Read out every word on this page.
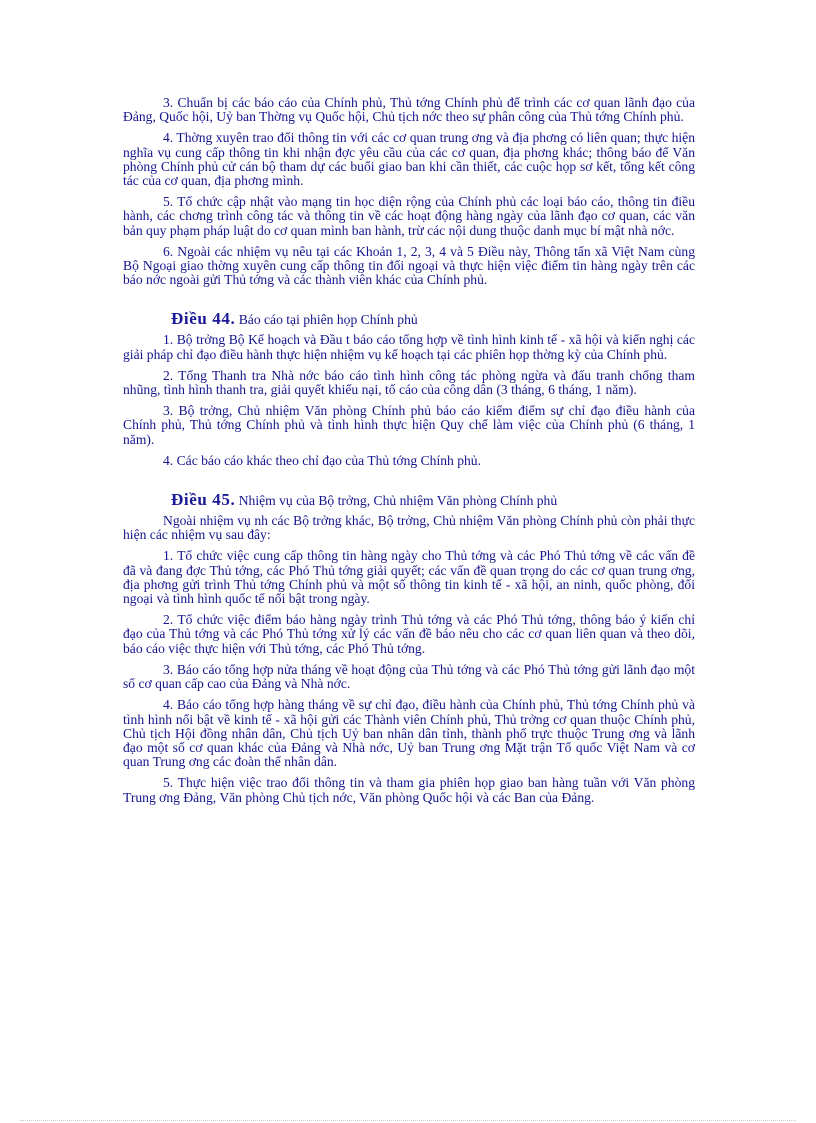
3. Chuẩn bị các báo cáo của Chính phủ, Thủ tớng Chính phủ để trình các cơ quan lãnh đạo của Đảng, Quốc hội, Uỷ ban Thờng vụ Quốc hội, Chủ tịch nớc theo sự phân công của Thủ tớng Chính phủ.

4. Thờng xuyên trao đổi thông tin với các cơ quan trung ơng và địa phơng có liên quan; thực hiện nghĩa vụ cung cấp thông tin khi nhận đợc yêu cầu của các cơ quan, địa phơng khác; thông báo để Văn phòng Chính phủ cử cán bộ tham dự các buổi giao ban khi cần thiết, các cuộc họp sơ kết, tổng kết công tác của cơ quan, địa phơng mình.

5. Tổ chức cập nhật vào mạng tin học diện rộng của Chính phủ các loại báo cáo, thông tin điều hành, các chơng trình công tác và thông tin về các hoạt động hàng ngày của lãnh đạo cơ quan, các văn bản quy phạm pháp luật do cơ quan mình ban hành, trừ các nội dung thuộc danh mục bí mật nhà nớc.

6. Ngoài các nhiệm vụ nêu tại các Khoản 1, 2, 3, 4 và 5 Điều này, Thông tấn xã Việt Nam cùng Bộ Ngoại giao thờng xuyên cung cấp thông tin đối ngoại và thực hiện việc điểm tin hàng ngày trên các báo nớc ngoài gửi Thủ tớng và các thành viên khác của Chính phủ.

Điều 44. Báo cáo tại phiên họp Chính phủ

1. Bộ trởng Bộ Kế hoạch và Đầu t báo cáo tổng hợp về tình hình kinh tế - xã hội và kiến nghị các giải pháp chỉ đạo điều hành thực hiện nhiệm vụ kế hoạch tại các phiên họp thờng kỳ của Chính phủ.

2. Tổng Thanh tra Nhà nớc báo cáo tình hình công tác phòng ngừa và đấu tranh chống tham nhũng, tình hình thanh tra, giải quyết khiếu nại, tố cáo của công dân (3 tháng, 6 tháng, 1 năm).

3. Bộ trởng, Chủ nhiệm Văn phòng Chính phủ báo cáo kiểm điểm sự chỉ đạo điều hành của Chính phủ, Thủ tớng Chính phủ và tình hình thực hiện Quy chế làm việc của Chính phủ (6 tháng, 1 năm).

4. Các báo cáo khác theo chỉ đạo của Thủ tớng Chính phủ.

Điều 45. Nhiệm vụ của Bộ trởng, Chủ nhiệm Văn phòng Chính phủ

Ngoài nhiệm vụ nh các Bộ trởng khác, Bộ trởng, Chủ nhiệm Văn phòng Chính phủ còn phải thực hiện các nhiệm vụ sau đây:

1. Tổ chức việc cung cấp thông tin hàng ngày cho Thủ tớng và các Phó Thủ tớng về các vấn đề đã và đang đợc Thủ tớng, các Phó Thủ tớng giải quyết; các vấn đề quan trọng do các cơ quan trung ơng, địa phơng gửi trình Thủ tớng Chính phủ và một số thông tin kinh tế - xã hội, an ninh, quốc phòng, đối ngoại và tình hình quốc tế nổi bật trong ngày.

2. Tổ chức việc điểm báo hàng ngày trình Thủ tớng và các Phó Thủ tớng, thông báo ý kiến chỉ đạo của Thủ tớng và các Phó Thủ tớng xử lý các vấn đề báo nêu cho các cơ quan liên quan và theo dõi, báo cáo việc thực hiện với Thủ tớng, các Phó Thủ tớng.

3. Báo cáo tổng hợp nửa tháng về hoạt động của Thủ tớng và các Phó Thủ tớng gửi lãnh đạo một số cơ quan cấp cao của Đảng và Nhà nớc.

4. Báo cáo tổng hợp hàng tháng về sự chỉ đạo, điều hành của Chính phủ, Thủ tớng Chính phủ và tình hình nổi bật về kinh tế - xã hội gửi các Thành viên Chính phủ, Thủ trởng cơ quan thuộc Chính phủ, Chủ tịch Hội đồng nhân dân, Chủ tịch Uỷ ban nhân dân tỉnh, thành phố trực thuộc Trung ơng và lãnh đạo một số cơ quan khác của Đảng và Nhà nớc, Uỷ ban Trung ơng Mặt trận Tổ quốc Việt Nam và cơ quan Trung ơng các đoàn thể nhân dân.

5. Thực hiện việc trao đổi thông tin và tham gia phiên họp giao ban hàng tuần với Văn phòng Trung ơng Đảng, Văn phòng Chủ tịch nớc, Văn phòng Quốc hội và các Ban của Đảng.
